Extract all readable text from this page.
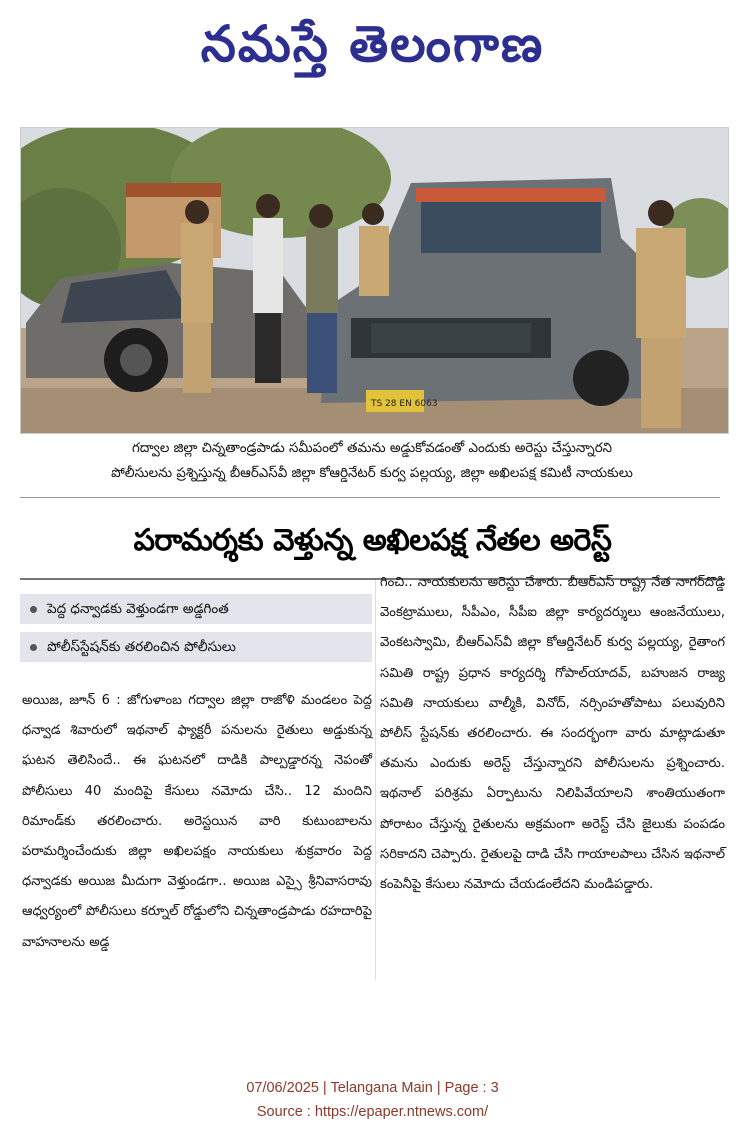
నమస్తే తెలంగాణ
TS 28 EN 6063
గద్వాల జిల్లా చిన్నతాండ్రపాడు సమీపంలో తమను అడ్డుకోవడంతో ఎందుకు అరెస్టు చేస్తున్నారని
పోలీసులను ప్రశ్నిస్తున్న బీఆర్‌ఎస్‌వీ జిల్లా కోఆర్డినేటర్ కుర్వ పల్లయ్య, జిల్లా అఖిలపక్ష కమిటీ నాయకులు
పరామర్శకు వెళ్తున్న అఖిలపక్ష నేతల అరెస్ట్
పెద్ద ధన్వాడకు వెళ్తుండగా అడ్డగింత
పోలీస్‌స్టేషన్‌కు తరలించిన పోలీసులు

అయిజ, జూన్ 6 : జోగుళాంబ గద్వాల జిల్లా రాజోళి మండలం పెద్ద ధన్వాడ శివారులో ఇథనాల్ ఫ్యాక్టరీ పనులను రైతులు అడ్డుకున్న ఘటన తెలిసిందే.. ఈ ఘటనలో దాడికి పాల్పడ్డారన్న నెపంతో పోలీసులు 40 మందిపై కేసులు నమోదు చేసి.. 12 మందిని రిమాండ్‌కు తరలించారు. అరెస్టయిన వారి కుటుంబాలను పరామర్శించేందుకు జిల్లా అఖిలపక్షం నాయకులు శుక్రవారం పెద్ద ధన్వాడకు అయిజ మీదుగా వెళ్తుండగా.. అయిజ ఎస్సై శ్రీనివాసరావు ఆధ్వర్యంలో పోలీసులు కర్నూల్ రోడ్డులోని చిన్నతాండ్రపాడు రహదారిపై వాహనాలను అడ్డ

గించి.. నాయకులను అరెస్టు చేశారు. బీఆర్‌ఎస్ రాష్ట్ర నేత నాగర్‌దొడ్డి వెంకట్రాములు, సీపీఎం, సీపీఐ జిల్లా కార్యదర్శులు ఆంజనేయులు, వెంకటస్వామి, బీఆర్‌ఎస్‌వీ జిల్లా కోఆర్డినేటర్ కుర్వ పల్లయ్య, రైతాంగ సమితి రాష్ట్ర ప్రధాన కార్యదర్శి గోపాల్‌యాదవ్, బహుజన రాజ్య సమితి నాయకులు వాల్మీకి, వినోద్, నర్సింహతోపాటు పలువురిని పోలీస్ స్టేషన్‌కు తరలించారు. ఈ సందర్భంగా వారు మాట్లాడుతూ తమను ఎందుకు అరెస్ట్ చేస్తున్నారని పోలీసులను ప్రశ్నించారు. ఇథనాల్ పరిశ్రమ ఏర్పాటును నిలిపివేయాలని శాంతియుతంగా పోరాటం చేస్తున్న రైతులను అక్రమంగా అరెస్ట్ చేసి జైలుకు పంపడం సరికాదని చెప్పారు. రైతులపై దాడి చేసి గాయాలపాలు చేసిన ఇథనాల్ కంపెనీపై కేసులు నమోదు చేయడంలేదని మండిపడ్డారు.

07/06/2025 | Telangana Main | Page : 3
Source : https://epaper.ntnews.com/
